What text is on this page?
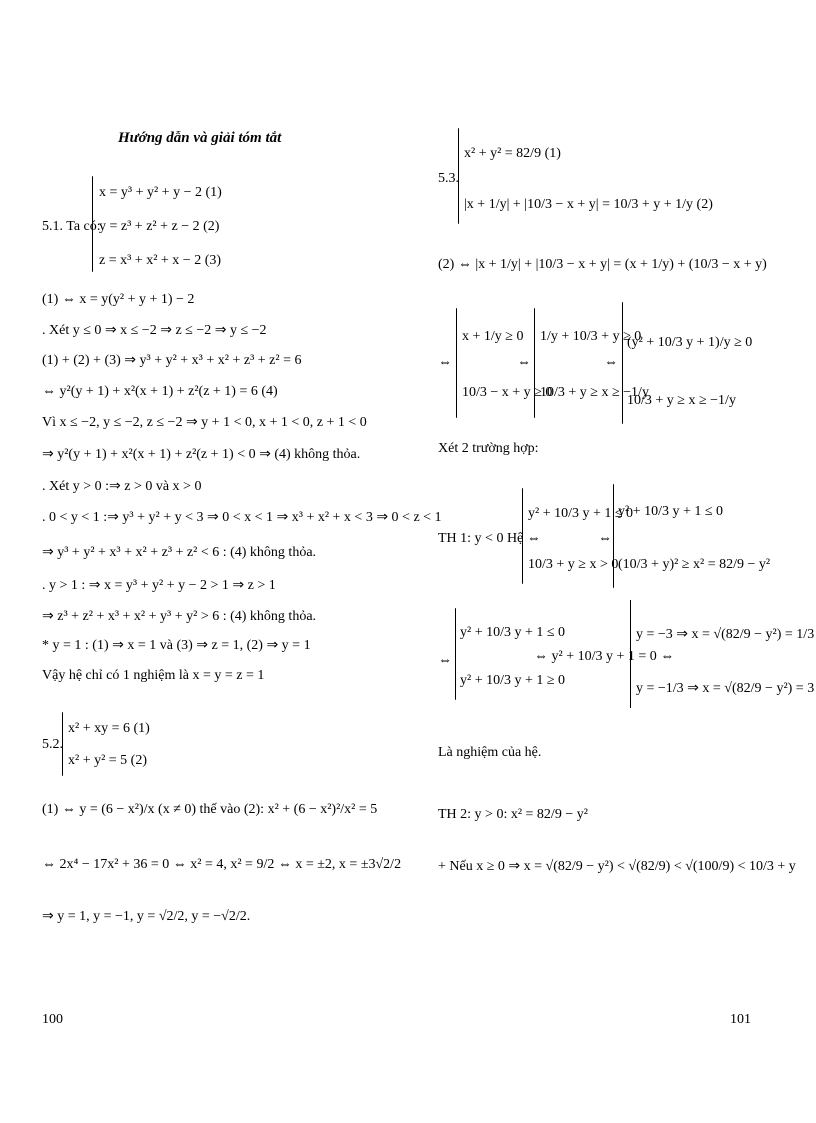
Hướng dẫn và giải tóm tắt
5.1. Ta có:
x = y³ + y² + y − 2 (1)
y = z³ + z² + z − 2 (2)
z = x³ + x² + x − 2 (3)
(1) ⇔ x = y(y² + y + 1) − 2
. Xét y ≤ 0 ⇒ x ≤ −2 ⇒ z ≤ −2 ⇒ y ≤ −2
(1) + (2) + (3) ⇒ y³ + y² + x³ + x² + z³ + z² = 6
⇔ y²(y + 1) + x²(x + 1) + z²(z + 1) = 6 (4)
Vì x ≤ −2, y ≤ −2, z ≤ −2 ⇒ y + 1 < 0, x + 1 < 0, z + 1 < 0
⇒ y²(y + 1) + x²(x + 1) + z²(z + 1) < 0 ⇒ (4) không thỏa.
. Xét y > 0 :⇒ z > 0 và x > 0
. 0 < y < 1 :⇒ y³ + y² + y < 3 ⇒ 0 < x < 1 ⇒ x³ + x² + x < 3 ⇒ 0 < z < 1
⇒ y³ + y² + x³ + x² + z³ + z² < 6 : (4) không thỏa.
. y > 1 : ⇒ x = y³ + y² + y − 2 > 1 ⇒ z > 1
⇒ z³ + z² + x³ + x² + y³ + y² > 6 : (4) không thỏa.
* y = 1 : (1) ⇒ x = 1 và (3) ⇒ z = 1, (2) ⇒ y = 1
Vậy hệ chỉ có 1 nghiệm là x = y = z = 1
5.2.
x² + xy = 6 (1)
x² + y² = 5 (2)
(1) ⇔ y = (6 − x²)/x (x ≠ 0) thế vào (2): x² + (6 − x²)²/x² = 5
⇔ 2x⁴ − 17x² + 36 = 0 ⇔ x² = 4, x² = 9/2 ⇔ x = ±2, x = ±3√2/2
⇒ y = 1, y = −1, y = √2/2, y = −√2/2.
100
5.3.
x² + y² = 82/9 (1)
|x + 1/y| + |10/3 − x + y| = 10/3 + y + 1/y (2)
(2) ⇔ |x + 1/y| + |10/3 − x + y| = (x + 1/y) + (10/3 − x + y)
⇔
x + 1/y ≥ 0
10/3 − x + y ≥ 0
⇔
1/y + 10/3 + y ≥ 0
10/3 + y ≥ x ≥ −1/y
⇔
(y² + 10/3 y + 1)/y ≥ 0
10/3 + y ≥ x ≥ −1/y
Xét 2 trường hợp:
TH 1: y < 0 Hệ ⇔
y² + 10/3 y + 1 ≤ 0
10/3 + y ≥ x > 0
⇔
y² + 10/3 y + 1 ≤ 0
(10/3 + y)² ≥ x² = 82/9 − y²
⇔
y² + 10/3 y + 1 ≤ 0
y² + 10/3 y + 1 ≥ 0
⇔ y² + 10/3 y + 1 = 0 ⇔
y = −3 ⇒ x = √(82/9 − y²) = 1/3
y = −1/3 ⇒ x = √(82/9 − y²) = 3
Là nghiệm của hệ.
TH 2: y > 0: x² = 82/9 − y²
+ Nếu x ≥ 0 ⇒ x = √(82/9 − y²) < √(82/9) < √(100/9) < 10/3 + y
101
